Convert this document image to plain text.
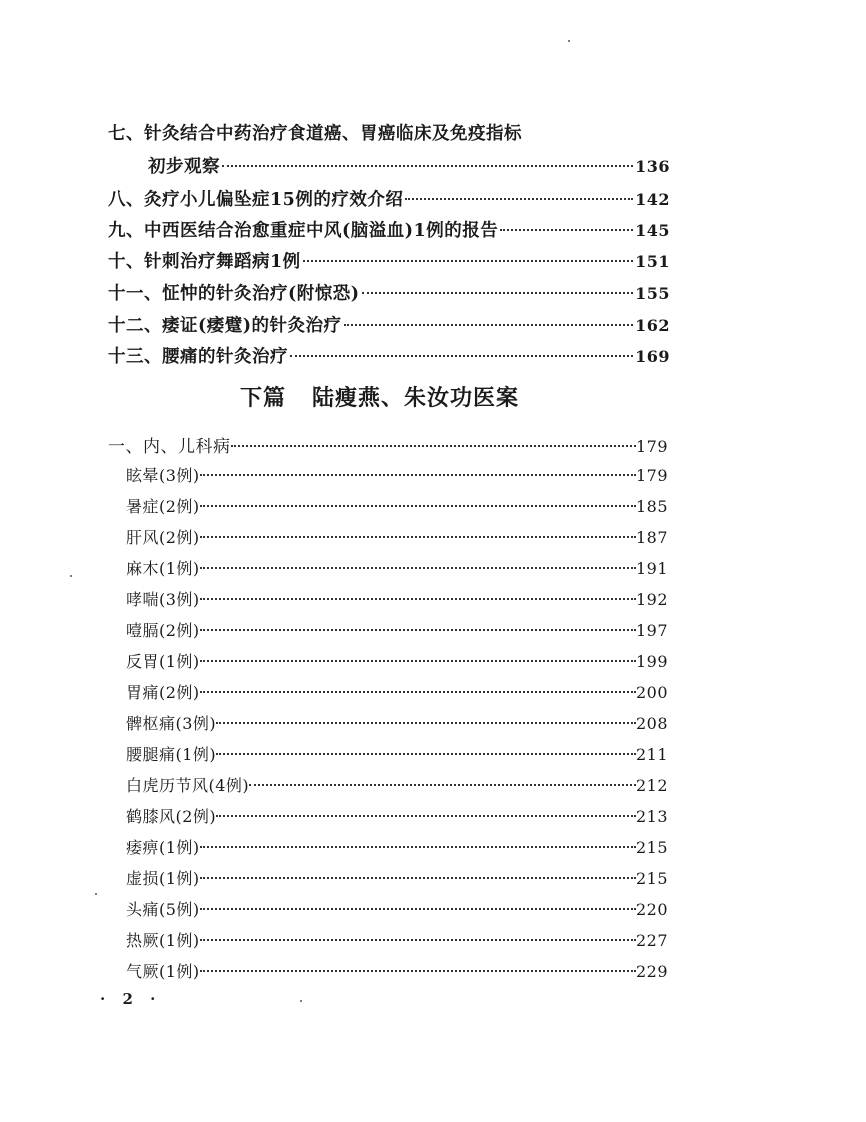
七、针灸结合中药治疗食道癌、胃癌临床及免疫指标
初步观察	136
八、灸疗小儿偏坠症15例的疗效介绍	142
九、中西医结合治愈重症中风(脑溢血)1例的报告	145
十、针刺治疗舞蹈病1例	151
十一、怔忡的针灸治疗(附惊恐)	155
十二、痿证(痿躄)的针灸治疗	162
十三、腰痛的针灸治疗	169
下篇 陆瘦燕、朱汝功医案
一、内、儿科病	179
眩晕(3例)	179
暑症(2例)	185
肝风(2例)	187
麻木(1例)	191
哮喘(3例)	192
噎膈(2例)	197
反胃(1例)	199
胃痛(2例)	200
髀枢痛(3例)	208
腰腿痛(1例)	211
白虎历节风(4例)	212
鹤膝风(2例)	213
痿痹(1例)	215
虚损(1例)	215
头痛(5例)	220
热厥(1例)	227
气厥(1例)	229
· 2 ·
